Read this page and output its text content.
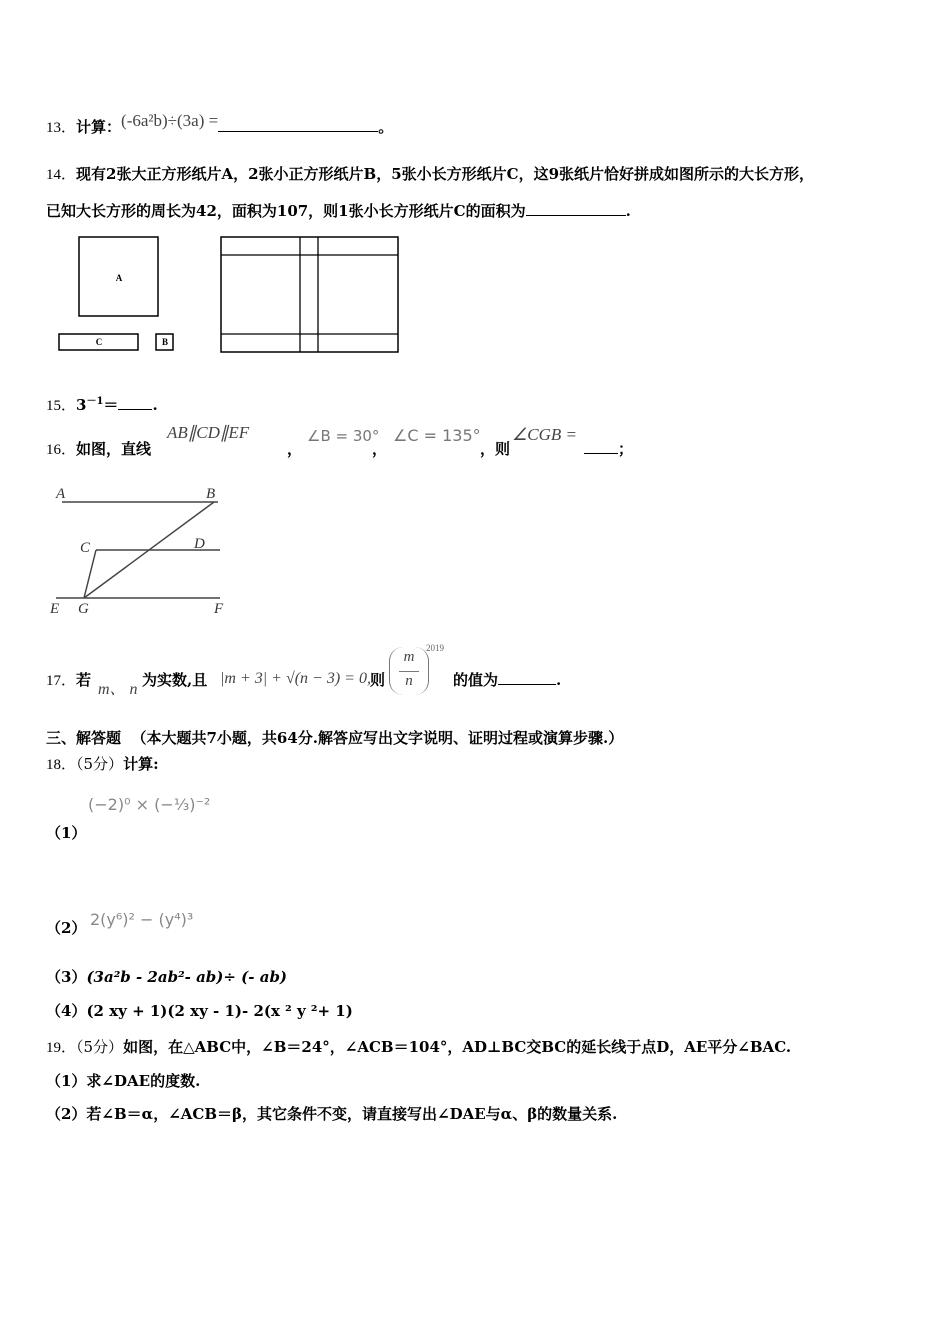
13．计算：(-6a²b)÷(3a) =	。
14．现有2张大正方形纸片A，2张小正方形纸片B，5张小长方形纸片C，这9张纸片恰好拼成如图所示的大长方形，
已知大长方形的周长为42，面积为107，则1张小长方形纸片C的面积为	.
A
C	B
15．$3^{-1}=$ .
16．如图，直线
AB∥CD∥EF
，
∠B = 30°
，
∠C = 135°
，则
∠CGB =
；
A	B
C	D
E G	F
17．若
m、 n
为实数,且 |m + 3| + √(n − 3) = 0, 则
m
n
2019
的值为	.
三、解答题 （本大题共7小题，共64分.解答应写出文字说明、证明过程或演算步骤.）
18．（5分）计算:
(−2)⁰ × (−⅓)⁻²
（1）
2(y⁶)² − (y⁴)³
（2）
（3）(3a²b - 2ab²- ab)÷ (- ab)
（4）(2 xy + 1)(2 xy - 1)- 2(x ² y ²+ 1)
19．（5分）如图，在△ABC中，∠B＝24°，∠ACB＝104°，AD⊥BC交BC的延长线于点D，AE平分∠BAC.
（1）求∠DAE的度数.
（2）若∠B＝α，∠ACB＝β，其它条件不变，请直接写出∠DAE与α、β的数量关系.
